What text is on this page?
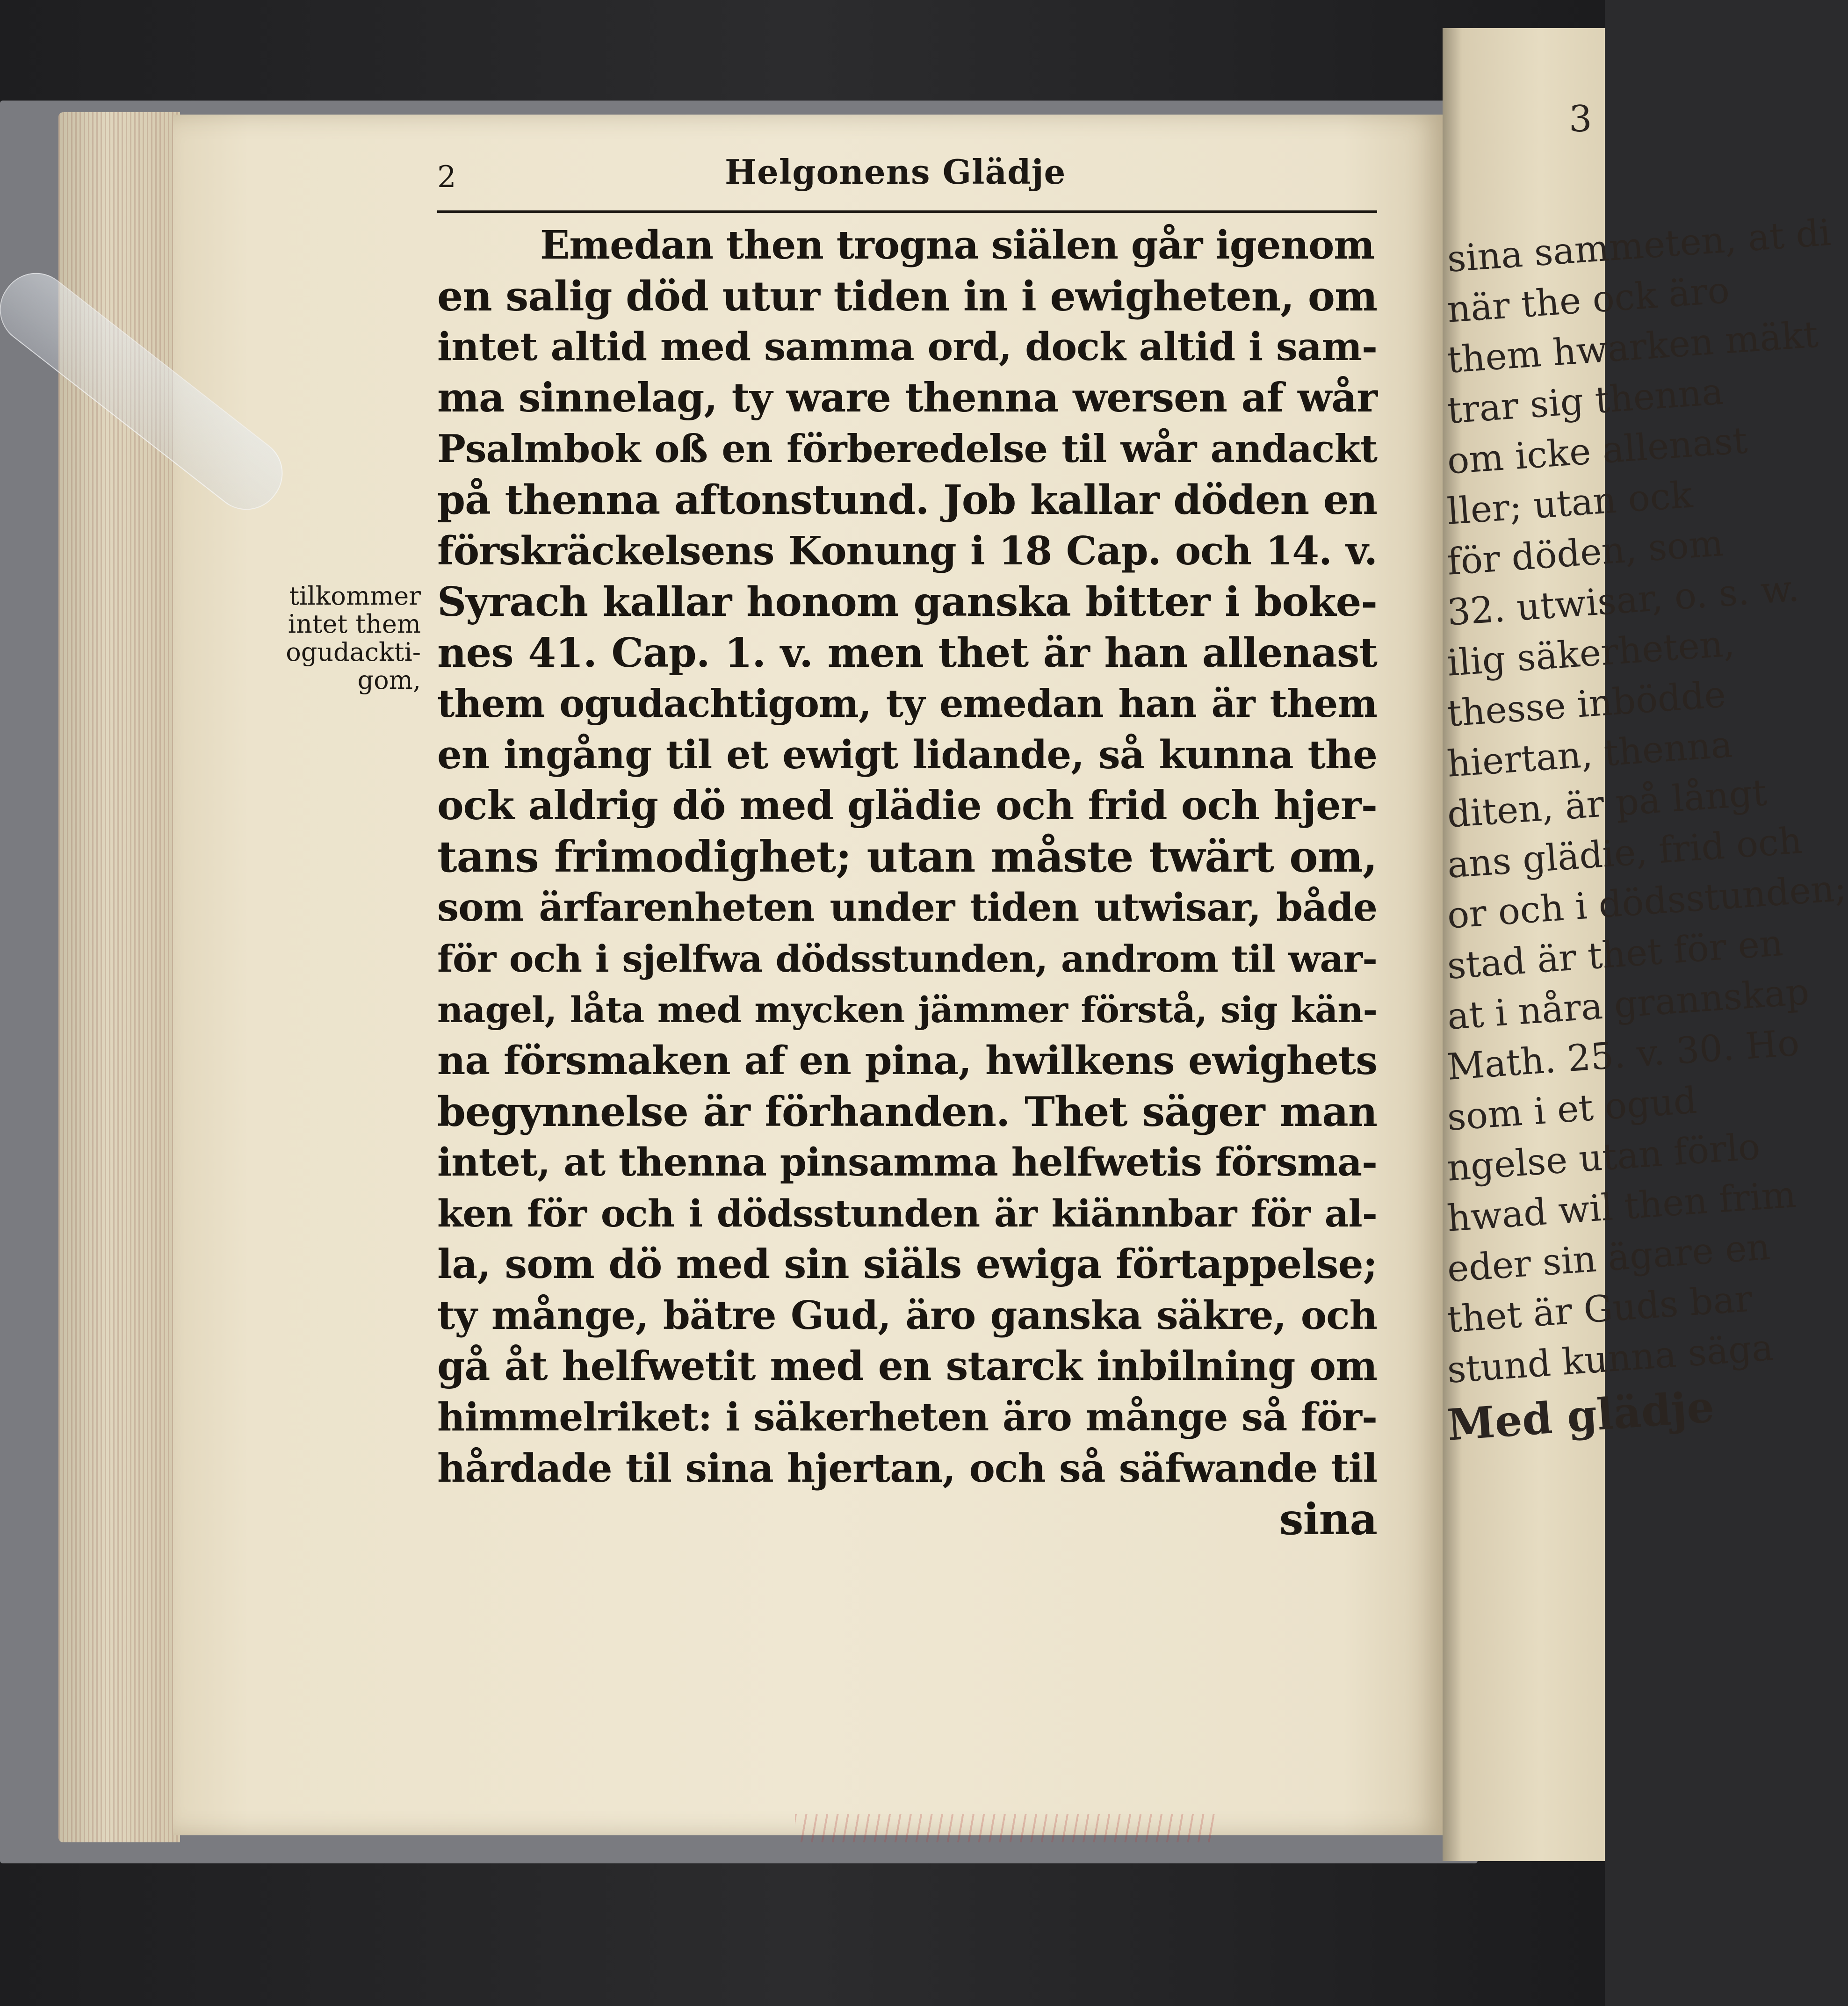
3
sina sammeten, at di
när the ock äro
them hwarken mäkt
trar sig thenna
om icke allenast
ller; utan ock
för döden, som
32. utwisar, o. s. w.
ilig säkerheten,
thesse inbödde
hiertan, thenna
diten, är på långt
ans glädie, frid och
or och i dödsstunden;
stad är thet för en
at i nåra grannskap
Math. 25. v. 30. Ho
som i et ogud
ngelse utan förlo
hwad wil then frim
eder sin ägare en
thet är Guds bar
stund kunna säga
Med glädje
2	Helgonens Glädje
tilkommer
intet them
ogudackti-
gom,
Emedan then trogna siälen går igenom
en salig död utur tiden in i ewigheten, om
intet altid med samma ord, dock altid i sam-
ma sinnelag, ty ware thenna wersen af wår
Psalmbok oß en förberedelse til wår andackt
på thenna aftonstund. Job kallar döden en
förskräckelsens Konung i 18 Cap. och 14. v.
Syrach kallar honom ganska bitter i boke-
nes 41. Cap. 1. v. men thet är han allenast
them ogudachtigom, ty emedan han är them
en ingång til et ewigt lidande, så kunna the
ock aldrig dö med glädie och frid och hjer-
tans frimodighet; utan måste twärt om,
som ärfarenheten under tiden utwisar, både
för och i sjelfwa dödsstunden, androm til war-
nagel, låta med mycken jämmer förstå, sig kän-
na försmaken af en pina, hwilkens ewighets
begynnelse är förhanden. Thet säger man
intet, at thenna pinsamma helfwetis försma-
ken för och i dödsstunden är kiännbar för al-
la, som dö med sin siäls ewiga förtappelse;
ty månge, bätre Gud, äro ganska säkre, och
gå åt helfwetit med en starck inbilning om
himmelriket: i säkerheten äro månge så för-
hårdade til sina hjertan, och så säfwande til
sina
